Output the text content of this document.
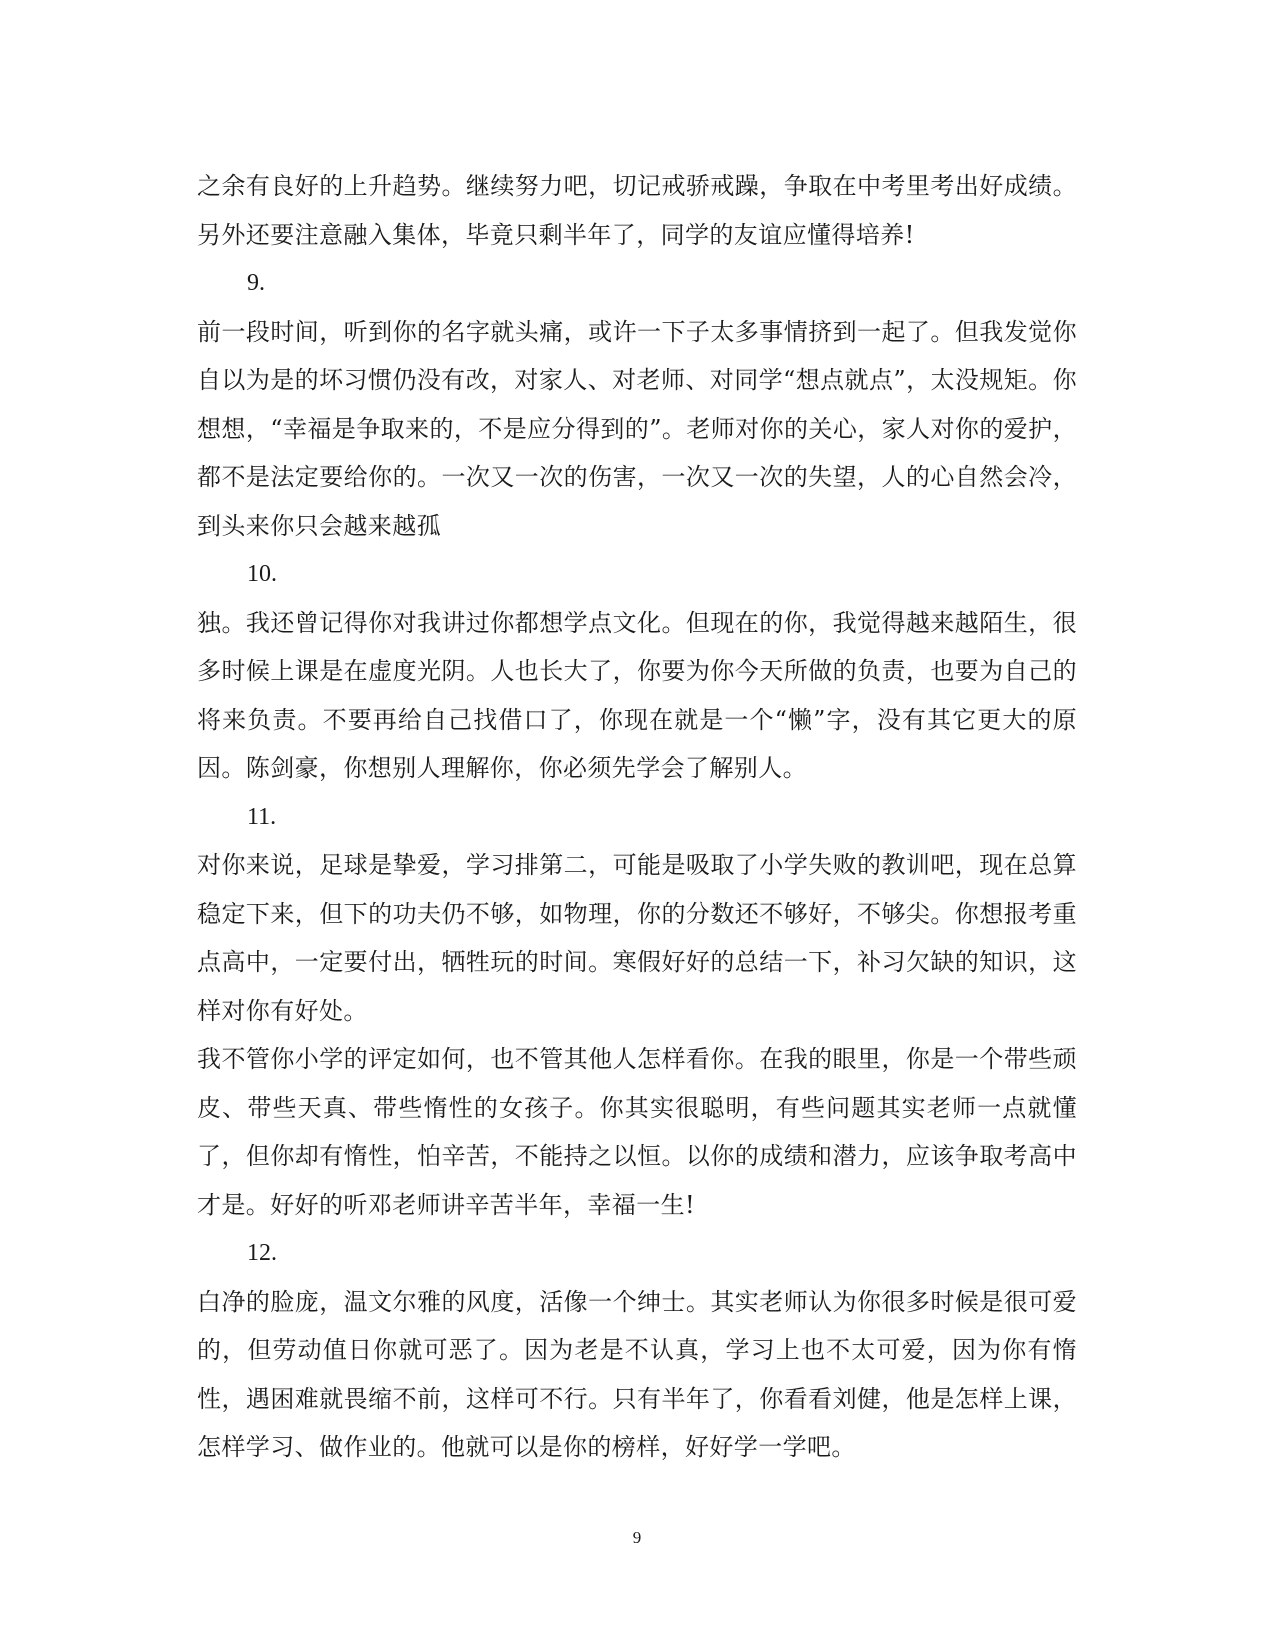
之余有良好的上升趋势。继续努力吧，切记戒骄戒躁，争取在中考里考出好成绩。另外还要注意融入集体，毕竟只剩半年了，同学的友谊应懂得培养!

9.

前一段时间，听到你的名字就头痛，或许一下子太多事情挤到一起了。但我发觉你自以为是的坏习惯仍没有改，对家人、对老师、对同学“想点就点”，太没规矩。你想想，“幸福是争取来的，不是应分得到的”。老师对你的关心，家人对你的爱护，都不是法定要给你的。一次又一次的伤害，一次又一次的失望，人的心自然会冷，到头来你只会越来越孤

10.

独。我还曾记得你对我讲过你都想学点文化。但现在的你，我觉得越来越陌生，很多时候上课是在虚度光阴。人也长大了，你要为你今天所做的负责，也要为自己的将来负责。不要再给自己找借口了，你现在就是一个“懒”字，没有其它更大的原因。陈剑豪，你想别人理解你，你必须先学会了解别人。

11.

对你来说，足球是挚爱，学习排第二，可能是吸取了小学失败的教训吧，现在总算稳定下来，但下的功夫仍不够，如物理，你的分数还不够好，不够尖。你想报考重点高中，一定要付出，牺牲玩的时间。寒假好好的总结一下，补习欠缺的知识，这样对你有好处。

我不管你小学的评定如何，也不管其他人怎样看你。在我的眼里，你是一个带些顽皮、带些天真、带些惰性的女孩子。你其实很聪明，有些问题其实老师一点就懂了，但你却有惰性，怕辛苦，不能持之以恒。以你的成绩和潜力，应该争取考高中才是。好好的听邓老师讲辛苦半年，幸福一生!

12.

白净的脸庞，温文尔雅的风度，活像一个绅士。其实老师认为你很多时候是很可爱的，但劳动值日你就可恶了。因为老是不认真，学习上也不太可爱，因为你有惰性，遇困难就畏缩不前，这样可不行。只有半年了，你看看刘健，他是怎样上课，怎样学习、做作业的。他就可以是你的榜样，好好学一学吧。

9
